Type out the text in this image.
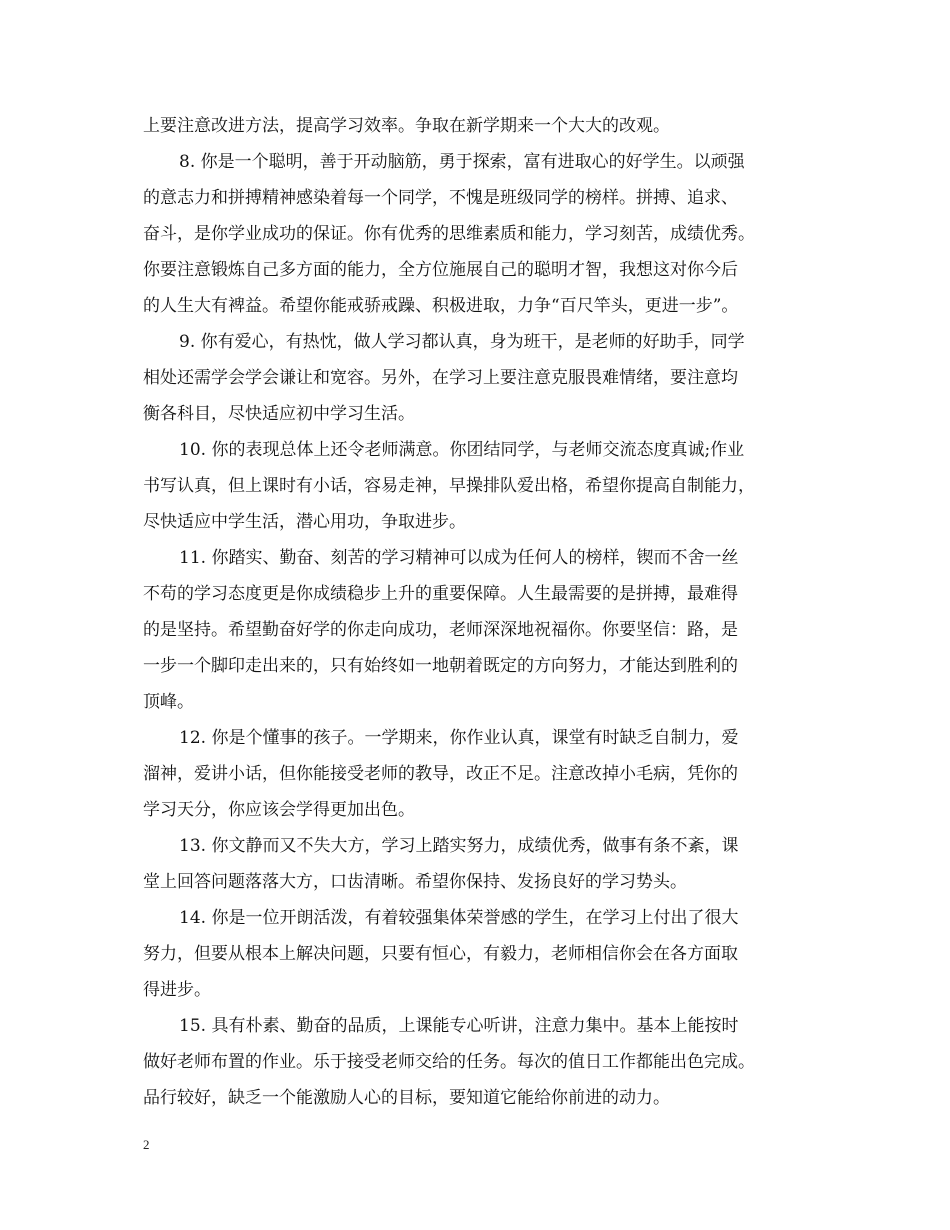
上要注意改进方法，提高学习效率。争取在新学期来一个大大的改观。
8. 你是一个聪明，善于开动脑筋，勇于探索，富有进取心的好学生。以顽强
的意志力和拼搏精神感染着每一个同学，不愧是班级同学的榜样。拼搏、追求、
奋斗，是你学业成功的保证。你有优秀的思维素质和能力，学习刻苦，成绩优秀。
你要注意锻炼自己多方面的能力，全方位施展自己的聪明才智，我想这对你今后
的人生大有裨益。希望你能戒骄戒躁、积极进取，力争“百尺竿头，更进一步”。
9. 你有爱心，有热忱，做人学习都认真，身为班干，是老师的好助手，同学
相处还需学会学会谦让和宽容。另外，在学习上要注意克服畏难情绪，要注意均
衡各科目，尽快适应初中学习生活。
10. 你的表现总体上还令老师满意。你团结同学，与老师交流态度真诚;作业
书写认真，但上课时有小话，容易走神，早操排队爱出格，希望你提高自制能力，
尽快适应中学生活，潜心用功，争取进步。
11. 你踏实、勤奋、刻苦的学习精神可以成为任何人的榜样，锲而不舍一丝
不苟的学习态度更是你成绩稳步上升的重要保障。人生最需要的是拼搏，最难得
的是坚持。希望勤奋好学的你走向成功，老师深深地祝福你。你要坚信：路，是
一步一个脚印走出来的，只有始终如一地朝着既定的方向努力，才能达到胜利的
顶峰。
12. 你是个懂事的孩子。一学期来，你作业认真，课堂有时缺乏自制力，爱
溜神，爱讲小话，但你能接受老师的教导，改正不足。注意改掉小毛病，凭你的
学习天分，你应该会学得更加出色。
13. 你文静而又不失大方，学习上踏实努力，成绩优秀，做事有条不紊，课
堂上回答问题落落大方，口齿清晰。希望你保持、发扬良好的学习势头。
14. 你是一位开朗活泼，有着较强集体荣誉感的学生，在学习上付出了很大
努力，但要从根本上解决问题，只要有恒心，有毅力，老师相信你会在各方面取
得进步。
15. 具有朴素、勤奋的品质，上课能专心听讲，注意力集中。基本上能按时
做好老师布置的作业。乐于接受老师交给的任务。每次的值日工作都能出色完成。
品行较好，缺乏一个能激励人心的目标，要知道它能给你前进的动力。
2
